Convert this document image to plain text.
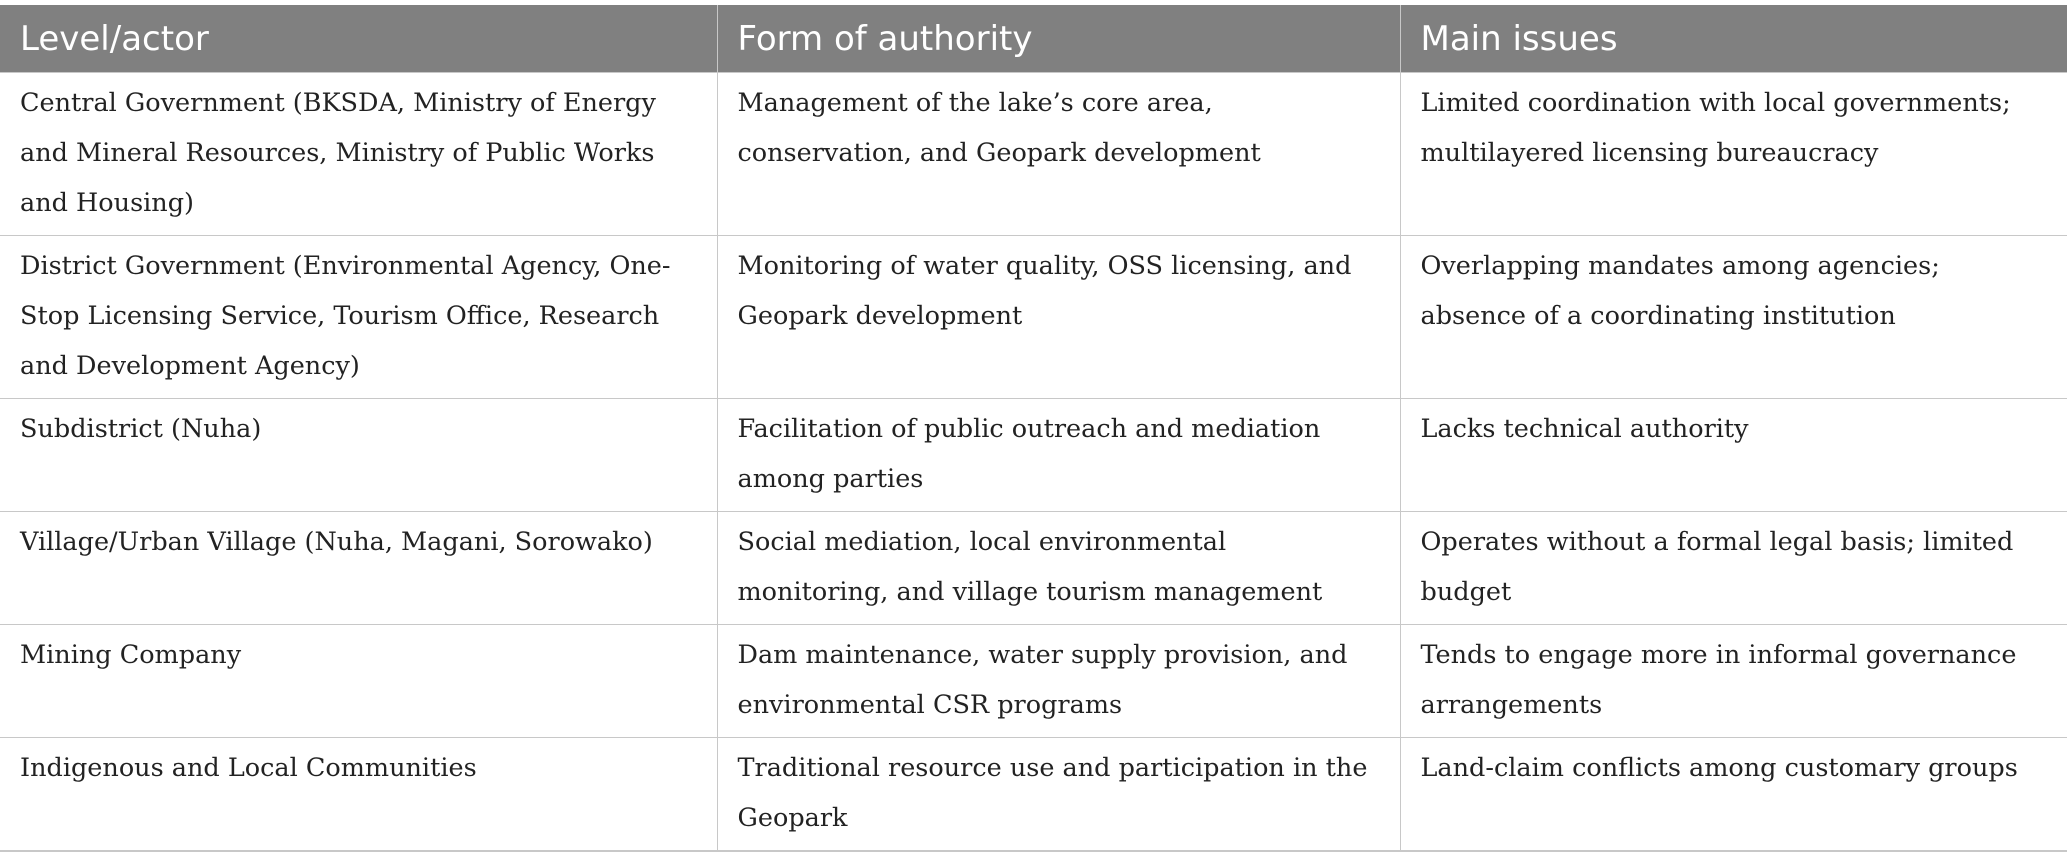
Level/actor	Form of authority	Main issues
Central Government (BKSDA, Ministry of Energy and Mineral Resources, Ministry of Public Works and Housing)	Management of the lake’s core area, conservation, and Geopark development	Limited coordination with local governments; multilayered licensing bureaucracy
District Government (Environmental Agency, One-Stop Licensing Service, Tourism Office, Research and Development Agency)	Monitoring of water quality, OSS licensing, and Geopark development	Overlapping mandates among agencies; absence of a coordinating institution
Subdistrict (Nuha)	Facilitation of public outreach and mediation among parties	Lacks technical authority
Village/Urban Village (Nuha, Magani, Sorowako)	Social mediation, local environmental monitoring, and village tourism management	Operates without a formal legal basis; limited budget
Mining Company	Dam maintenance, water supply provision, and environmental CSR programs	Tends to engage more in informal governance arrangements
Indigenous and Local Communities	Traditional resource use and participation in the Geopark	Land-claim conflicts among customary groups
